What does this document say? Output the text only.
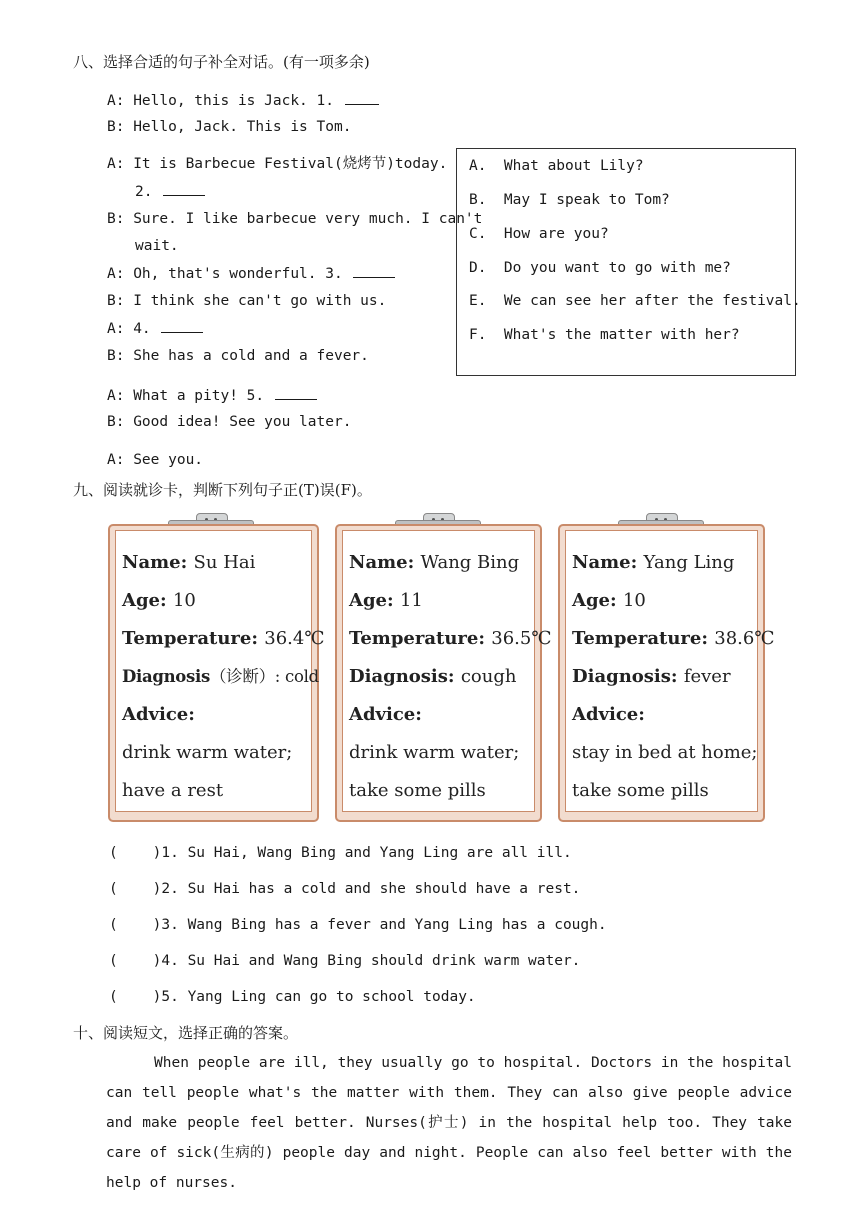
八、选择合适的句子补全对话。(有一项多余)
A: Hello, this is Jack. 1.
B: Hello, Jack. This is Tom.
A: It is Barbecue Festival(烧烤节)today.
2.
B: Sure. I like barbecue very much. I can't
wait.
A: Oh, that's wonderful. 3.
B: I think she can't go with us.
A: 4.
B: She has a cold and a fever.
A: What a pity! 5.
B: Good idea! See you later.
A: See you.
A.  What about Lily?
B.  May I speak to Tom?
C.  How are you?
D.  Do you want to go with me?
E.  We can see her after the festival.
F.  What's the matter with her?
九、阅读就诊卡，判断下列句子正(T)误(F)。
Name: Su Hai
Age: 10
Temperature: 36.4℃
Diagnosis（诊断）: cold
Advice:
drink warm water;
have a rest
Name: Wang Bing
Age: 11
Temperature: 36.5℃
Diagnosis: cough
Advice:
drink warm water;
take some pills
Name: Yang Ling
Age: 10
Temperature: 38.6℃
Diagnosis: fever
Advice:
stay in bed at home;
take some pills
(    )1. Su Hai, Wang Bing and Yang Ling are all ill.
(    )2. Su Hai has a cold and she should have a rest.
(    )3. Wang Bing has a fever and Yang Ling has a cough.
(    )4. Su Hai and Wang Bing should drink warm water.
(    )5. Yang Ling can go to school today.
十、阅读短文，选择正确的答案。
When people are ill, they usually go to hospital. Doctors in the hospital can tell people what's the matter with them. They can also give people advice and make people feel better. Nurses(护士) in the hospital help too. They take care of sick(生病的) people day and night. People can also feel better with the help of nurses.
